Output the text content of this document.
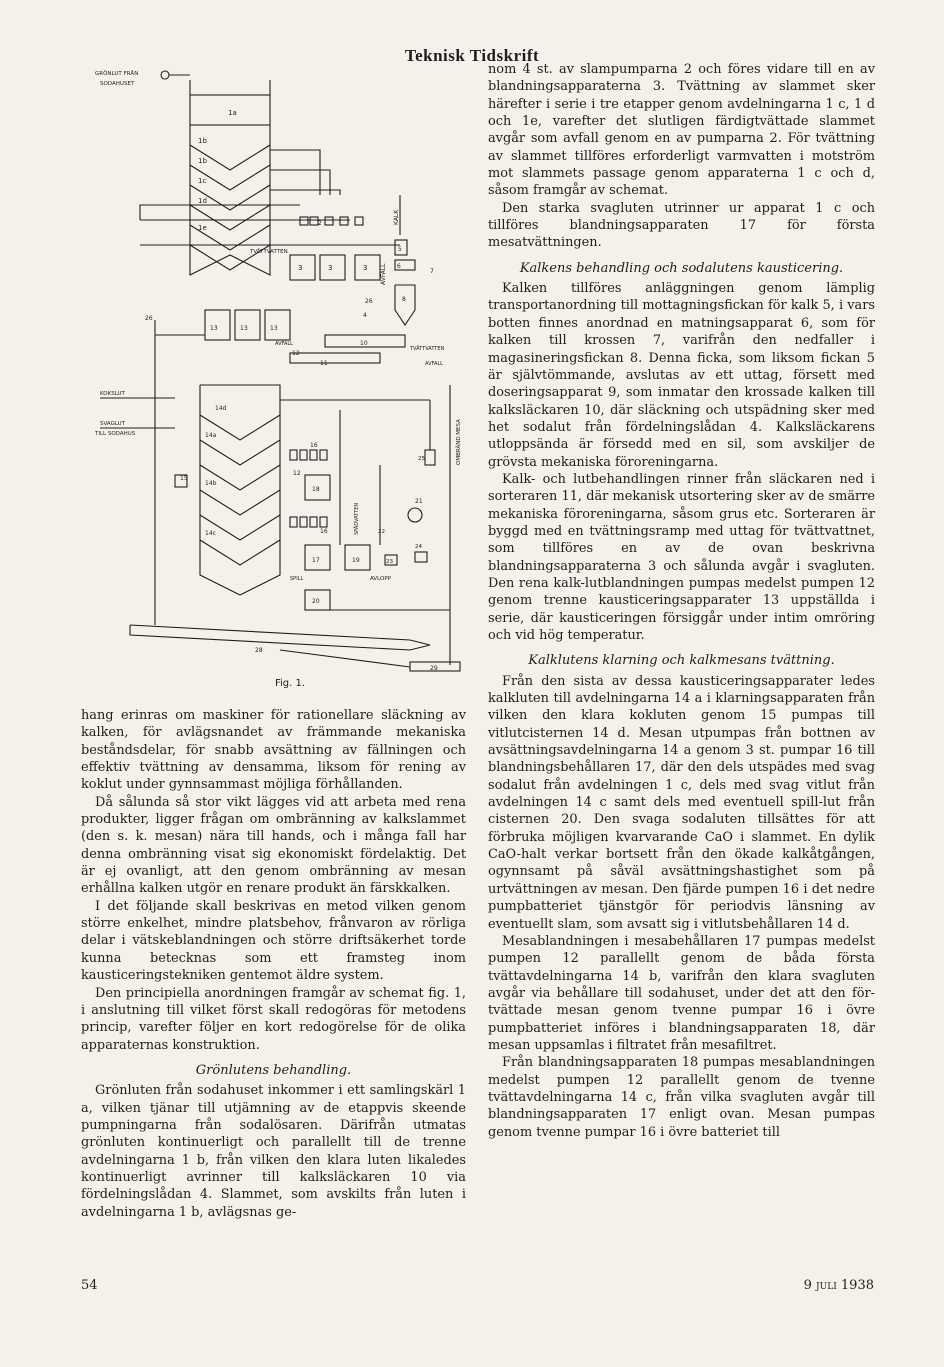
Teknisk Tidskrift
GRÖNLUT FRÅN
SODAHUSET
1a
1b
1b
1c
1d
1e
2
3	3	3
TVÄTTVATTEN
KALK
AVFALL
5
6
7
8
26
26
13	13	13
4
10
11
12
AVFALL
TVÄTTVATTEN
AVFALL
KOKSLUT
SVAGLUT
TILL SODAHUS
14d
14a
14b
14c
15
16
18
12
16
17	19
SPÄDVATTEN
23
21
22
24
AVLOPP
SPILL
20
25	OMBRÄND MESA
28
29
Fig. 1.

hang erinras om maskiner för rationellare släckning av kalken, för avlägsnandet av främmande mekaniska beståndsdelar, för snabb avsättning av fällningen och effektiv tvättning av densamma, liksom för rening av koklut under gynnsammast möjliga förhållanden.

Då sålunda så stor vikt lägges vid att arbeta med rena produkter, ligger frågan om ombränning av kalkslammet (den s. k. mesan) nära till hands, och i många fall har denna ombränning visat sig ekonomiskt fördelaktig. Det är ej ovanligt, att den genom ombränning av mesan erhållna kalken utgör en renare produkt än färskkalken.

I det följande skall beskrivas en metod vilken genom större enkelhet, mindre platsbehov, frånvaron av rörliga delar i vätskeblandningen och större driftsäkerhet torde kunna betecknas som ett framsteg inom kausticeringstekniken gentemot äldre system.

Den principiella anordningen framgår av schemat fig. 1, i anslutning till vilket först skall redogöras för metodens princip, varefter följer en kort redogörelse för de olika apparaternas konstruktion.

Grönlutens behandling.

Grönluten från sodahuset inkommer i ett samlingskärl 1 a, vilken tjänar till utjämning av de etappvis skeende pumpningarna från sodalösaren. Därifrån utmatas grönluten kontinuerligt och parallellt till de trenne avdelningarna 1 b, från vilken den klara luten likaledes kontinuerligt avrinner till kalksläckaren 10 via fördelningslådan 4. Slammet, som avskilts från luten i avdelningarna 1 b, avlägsnas ge-

nom 4 st. av slampumparna 2 och föres vidare till en av blandningsapparaterna 3. Tvättning av slammet sker härefter i serie i tre etapper genom avdelningarna 1 c, 1 d och 1e, varefter det slutligen färdigtvättade slammet avgår som avfall genom en av pumparna 2. För tvättning av slammet tillföres erforderligt varmvatten i motström mot slammets passage genom apparaterna 1 c och d, såsom framgår av schemat.

Den starka svagluten utrinner ur apparat 1 c och tillföres blandningsapparaten 17 för första mesatvättningen.

Kalkens behandling och sodalutens kausticering.

Kalken tillföres anläggningen genom lämplig transportanordning till mottagningsfickan för kalk 5, i vars botten finnes anordnad en matningsapparat 6, som för kalken till krossen 7, varifrån den nedfaller i magasineringsfickan 8. Denna ficka, som liksom fickan 5 är självtömmande, avslutas av ett uttag, försett med doseringsapparat 9, som inmatar den krossade kalken till kalksläckaren 10, där släckning och utspädning sker med het sodalut från fördelningslådan 4. Kalksläckarens utloppsända är försedd med en sil, som avskiljer de grövsta mekaniska föroreningarna.

Kalk- och lutbehandlingen rinner från släckaren ned i sorteraren 11, där mekanisk utsortering sker av de smärre mekaniska föroreningarna, såsom grus etc. Sorteraren är byggd med en tvättningsramp med uttag för tvättvattnet, som tillföres en av de ovan beskrivna blandningsapparaterna 3 och sålunda avgår i svagluten. Den rena kalk-lutblandningen pumpas medelst pumpen 12 genom trenne kausticeringsapparater 13 uppställda i serie, där kausticeringen försiggår under intim omröring och vid hög temperatur.

Kalklutens klarning och kalkmesans tvättning.

Från den sista av dessa kausticeringsapparater ledes kalkluten till avdelningarna 14 a i klarningsapparaten från vilken den klara kokluten genom 15 pumpas till vitlutcisternen 14 d. Mesan utpumpas från bottnen av avsättningsavdelningarna 14 a genom 3 st. pumpar 16 till blandningsbehållaren 17, där den dels utspädes med svag sodalut från avdelningen 1 c, dels med svag vitlut från avdelningen 14 c samt dels med eventuell spill-lut från cisternen 20. Den svaga sodaluten tillsättes för att förbruka möjligen kvarvarande CaO i slammet. En dylik CaO-halt verkar bortsett från den ökade kalkåtgången, ogynnsamt på såväl avsättningshastighet som på urtvättningen av mesan. Den fjärde pumpen 16 i det nedre pumpbatteriet tjänstgör för periodvis länsning av eventuellt slam, som avsatt sig i vitlutsbehållaren 14 d.

Mesablandningen i mesabehållaren 17 pumpas medelst pumpen 12 parallellt genom de båda första tvättavdelningarna 14 b, varifrån den klara svagluten avgår via behållare till sodahuset, under det att den för-tvättade mesan genom tvenne pumpar 16 i övre pumpbatteriet införes i blandningsapparaten 18, där mesan uppsamlas i filtratet från mesafiltret.

Från blandningsapparaten 18 pumpas mesablandningen medelst pumpen 12 parallellt genom de tvenne tvättavdelningarna 14 c, från vilka svagluten avgår till blandningsapparaten 17 enligt ovan. Mesan pumpas genom tvenne pumpar 16 i övre batteriet till

54	9 juli 1938
